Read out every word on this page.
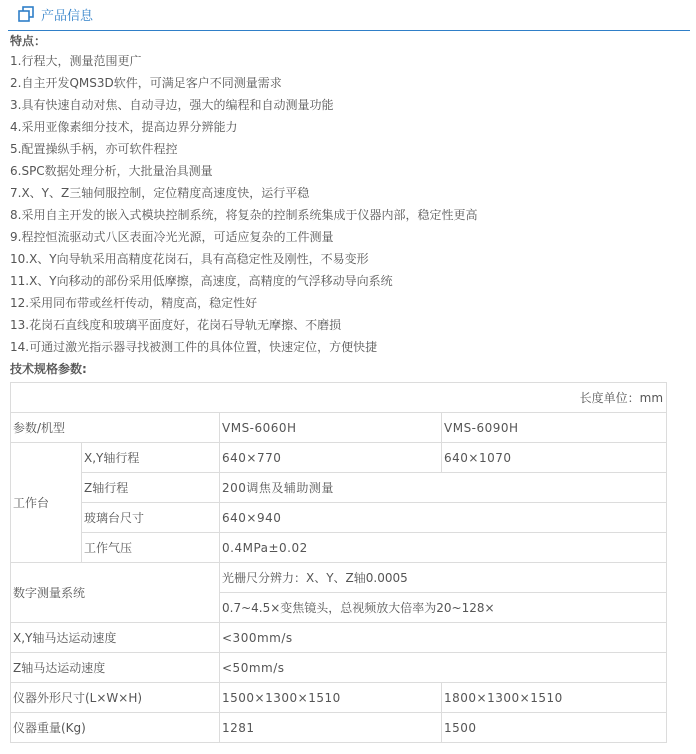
产品信息
特点：
1.行程大，测量范围更广
2.自主开发QMS3D软件，可满足客户不同测量需求
3.具有快速自动对焦、自动寻边，强大的编程和自动测量功能
4.采用亚像素细分技术，提高边界分辨能力
5.配置操纵手柄，亦可软件程控
6.SPC数据处理分析，大批量治具测量
7.X、Y、Z三轴伺服控制，定位精度高速度快，运行平稳
8.采用自主开发的嵌入式模块控制系统，将复杂的控制系统集成于仪器内部，稳定性更高
9.程控恒流驱动式八区表面冷光光源，可适应复杂的工件测量
10.X、Y向导轨采用高精度花岗石，具有高稳定性及刚性，不易变形
11.X、Y向移动的部份采用低摩擦，高速度，高精度的气浮移动导向系统
12.采用同布带或丝杆传动，精度高，稳定性好
13.花岗石直线度和玻璃平面度好，花岗石导轨无摩擦、不磨损
14.可通过激光指示器寻找被测工件的具体位置，快速定位，方便快捷
技术规格参数:
长度单位：mm			
参数/机型		VMS-6060H	VMS-6090H
工作台	X,Y轴行程	640×770	640×1070
	Z轴行程	200调焦及辅助测量	
	玻璃台尺寸	640×940	
	工作气压	0.4MPa±0.02	
数字测量系统		光栅尺分辨力：X、Y、Z轴0.0005	
		0.7~4.5×变焦镜头，总视频放大倍率为20~128×	
X,Y轴马达运动速度		<300mm/s	
Z轴马达运动速度		<50mm/s	
仪器外形尺寸(L×W×H)		1500×1300×1510	1800×1300×1510
仪器重量(Kg)		1281	1500
